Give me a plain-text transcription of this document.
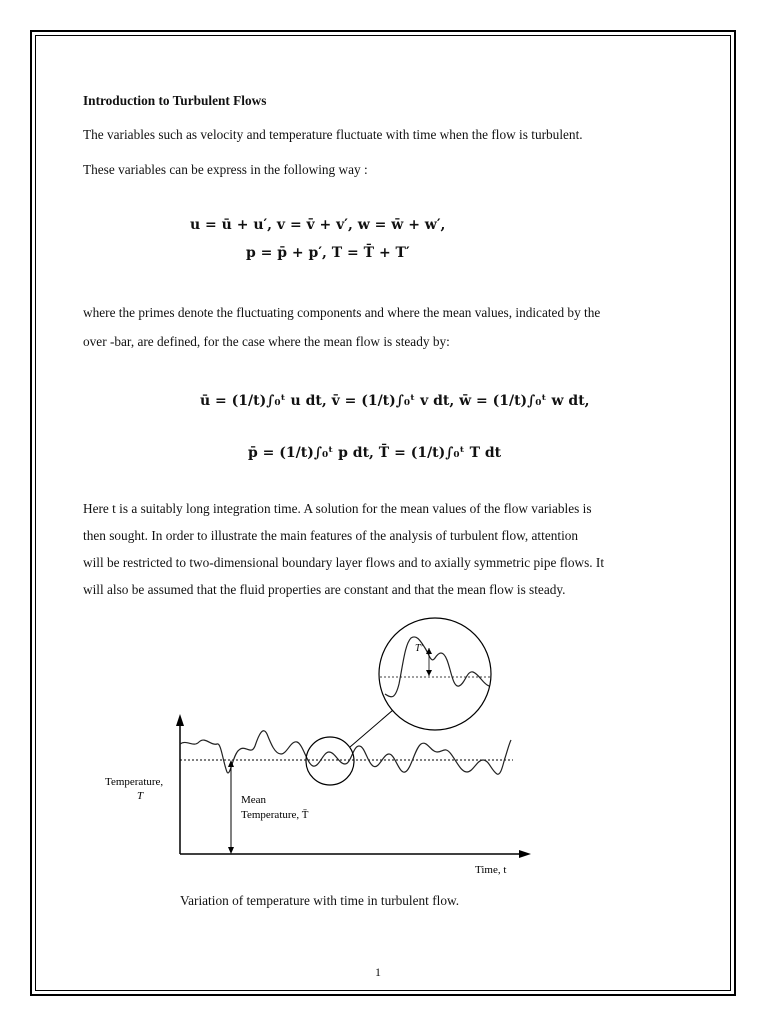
Introduction to Turbulent Flows
The variables such as velocity and temperature fluctuate with time when the flow is turbulent.
These variables can be express in the following way :
u = ū + u′, v = v̄ + v′, w = w̄ + w′,
p = p̄ + p′, T = T̄ + T′
where the primes denote the fluctuating components and where the mean values, indicated by the
over -bar, are defined, for the case where the mean flow is steady by:
ū = (1/t)∫₀ᵗ u dt, v̄ = (1/t)∫₀ᵗ v dt, w̄ = (1/t)∫₀ᵗ w dt,
p̄ = (1/t)∫₀ᵗ p dt, T̄ = (1/t)∫₀ᵗ T dt
Here t is a suitably long integration time. A solution for the mean values of the flow variables is
then sought. In order to illustrate the main features of the analysis of turbulent flow, attention
will be restricted to two-dimensional boundary layer flows and to axially symmetric pipe flows. It
will also be assumed that the fluid properties are constant and that the mean flow is steady.
T′
Temperature,
T	Mean
Temperature, T̄
Time, t
Variation of temperature with time in turbulent flow.
1
